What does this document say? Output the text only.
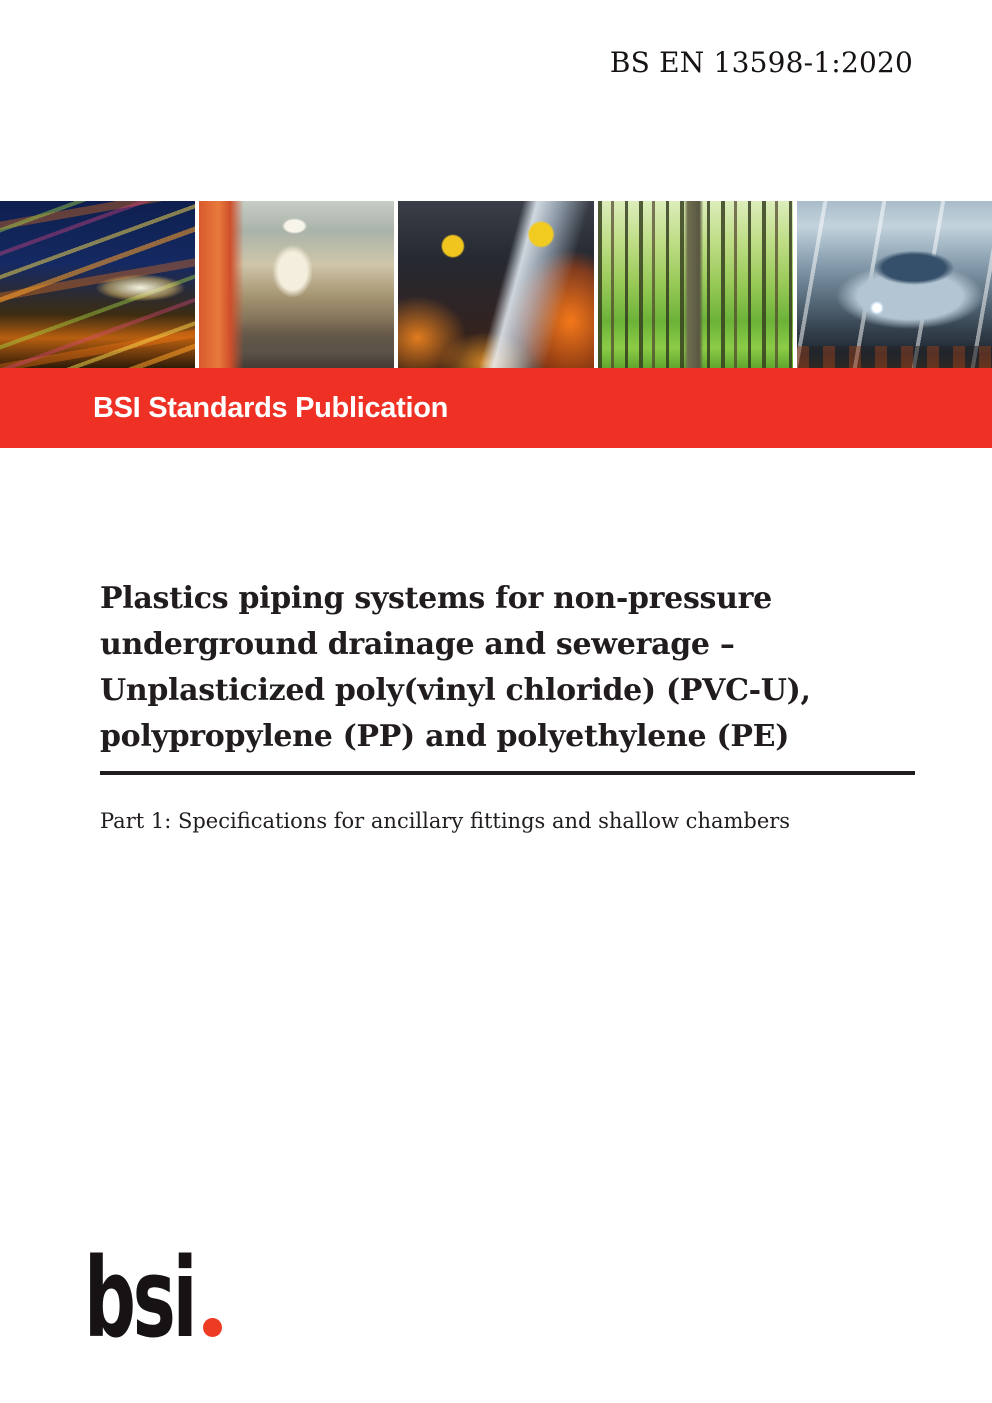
BS EN 13598-1:2020
BSI Standards Publication
Plastics piping systems for non-pressure
underground drainage and sewerage –
Unplasticized poly(vinyl chloride) (PVC-U),
polypropylene (PP) and polyethylene (PE)
Part 1: Specifications for ancillary fittings and shallow chambers
bsi
